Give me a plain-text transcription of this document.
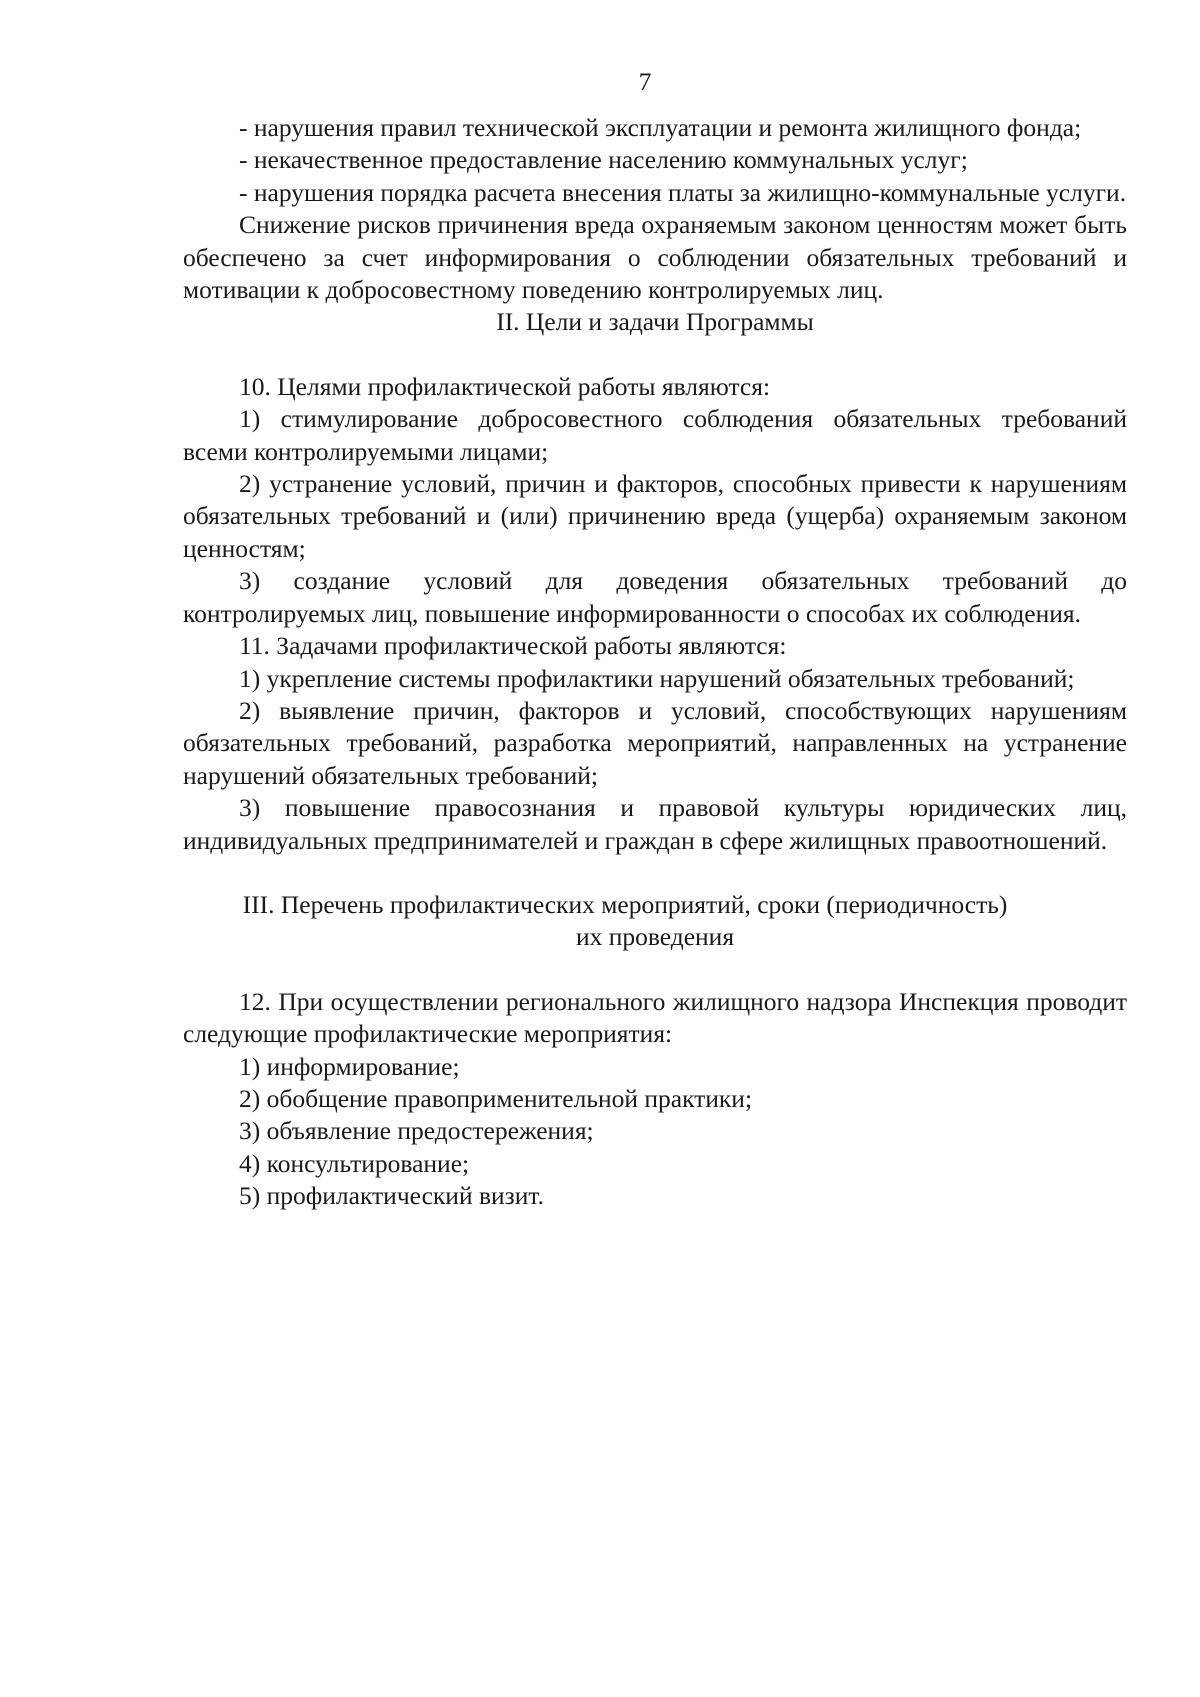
7

- нарушения правил технической эксплуатации и ремонта жилищного фонда;

- некачественное предоставление населению коммунальных услуг;

- нарушения порядка расчета внесения платы за жилищно-коммунальные услуги.

Снижение рисков причинения вреда охраняемым законом ценностям может быть обеспечено за счет информирования о соблюдении обязательных требований и мотивации к добросовестному поведению контролируемых лиц.

II. Цели и задачи Программы

10. Целями профилактической работы являются:

1) стимулирование добросовестного соблюдения обязательных требований всеми контролируемыми лицами;

2) устранение условий, причин и факторов, способных привести к нарушениям обязательных требований и (или) причинению вреда (ущерба) охраняемым законом ценностям;

3) создание условий для доведения обязательных требований до контролируемых лиц, повышение информированности о способах их соблюдения.

11. Задачами профилактической работы являются:

1) укрепление системы профилактики нарушений обязательных требований;

2) выявление причин, факторов и условий, способствующих нарушениям обязательных требований, разработка мероприятий, направленных на устранение нарушений обязательных требований;

3) повышение правосознания и правовой культуры юридических лиц, индивидуальных предпринимателей и граждан в сфере жилищных правоотношений.

III. Перечень профилактических мероприятий, сроки (периодичность)
их проведения

12. При осуществлении регионального жилищного надзора Инспекция проводит следующие профилактические мероприятия:

1) информирование;

2) обобщение правоприменительной практики;

3) объявление предостережения;

4) консультирование;

5) профилактический визит.
